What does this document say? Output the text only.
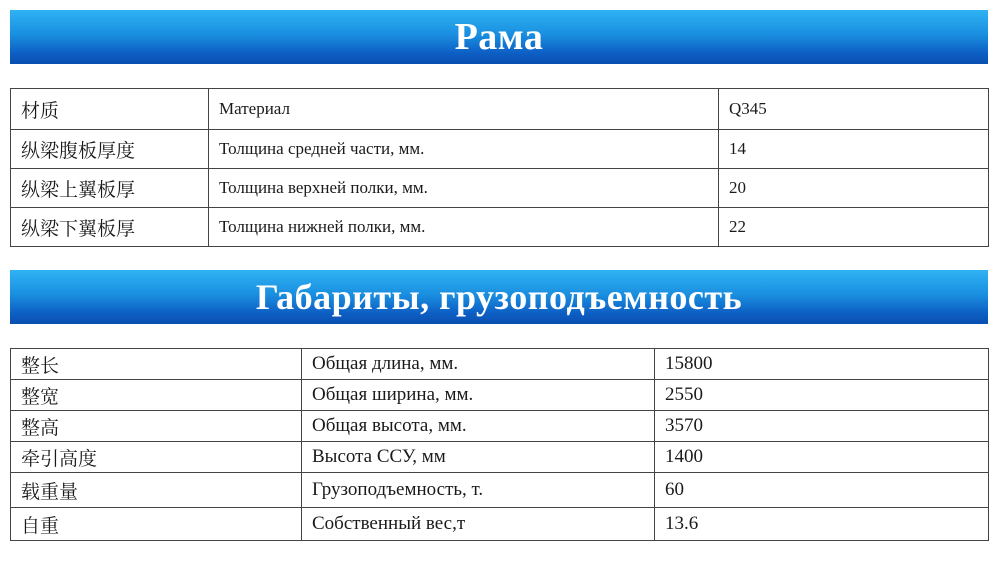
Рама
材质	Материал	Q345
纵梁腹板厚度	Толщина средней части, мм.	14
纵梁上翼板厚	Толщина верхней полки, мм.	20
纵梁下翼板厚	Толщина нижней полки, мм.	22
Габариты, грузоподъемность
整长	Общая длина, мм.	15800
整宽	Общая ширина, мм.	2550
整高	Общая высота, мм.	3570
牵引高度	Высота ССУ, мм	1400
载重量	Грузоподъемность, т.	60
自重	Собственный вес,т	13.6
